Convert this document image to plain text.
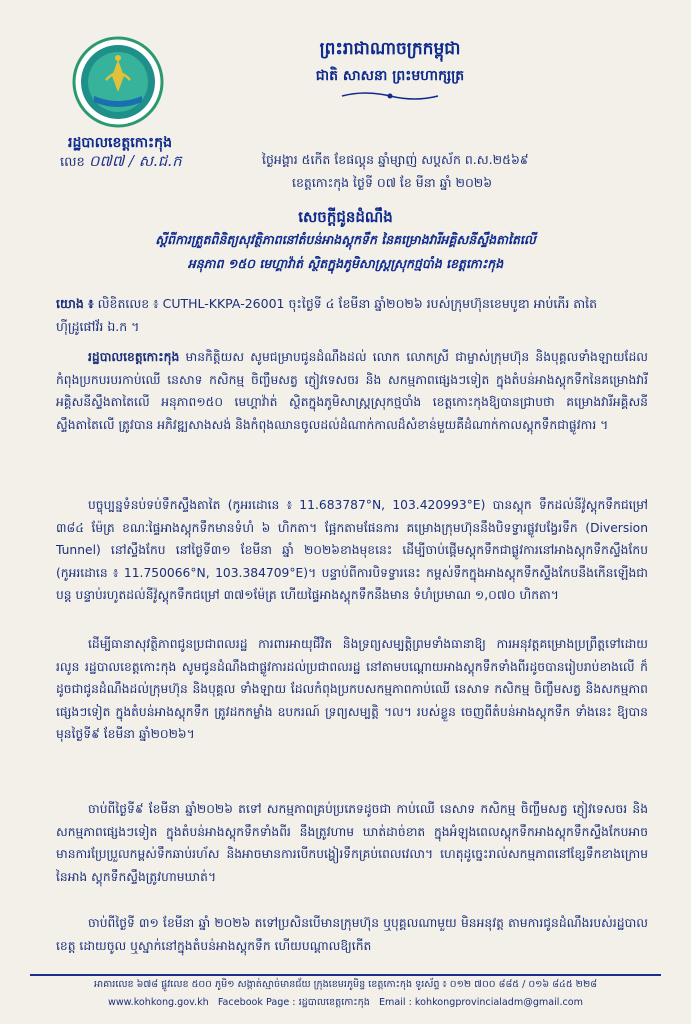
រដ្ឋបាលខេត្តកោះកុង
លេខ ០៧៧ / ស.ជ.ក
ព្រះរាជាណាចក្រកម្ពុជា
ជាតិ សាសនា ព្រះមហាក្សត្រ
ថ្ងៃអង្គារ ៥កើត ខែផល្គុន ឆ្នាំម្សាញ់ សប្តស័ក ព.ស.២៥៦៩
ខេត្តកោះកុង ថ្ងៃទី ០៧ ខែ មីនា ឆ្នាំ ២០២៦
សេចក្តីជូនដំណឹង
ស្តីពីការត្រួតពិនិត្យសុវត្ថិភាពនៅតំបន់អាងស្តុកទឹក នៃគម្រោងវារីអគ្គិសនីស្ទឹងតាតៃលើ
អនុភាព ១៥០ មេហ្គាវ៉ាត់ ស្ថិតក្នុងភូមិសាស្ត្រស្រុកថ្មបាំង ខេត្តកោះកុង
យោង ៖ លិខិតលេខ ៖ CUTHL-KKPA-26001 ចុះថ្ងៃទី ៤ ខែមីនា ឆ្នាំ២០២៦ របស់ក្រុមហ៊ុនខេមបូឌា អាប់ភើរ តាតៃ ហ៊ីដ្រូផៅវ័រ ឯ.ក ។
រដ្ឋបាលខេត្តកោះកុង មានកិត្តិយស សូមជម្រាបជូនដំណឹងដល់ លោក លោកស្រី ជាម្ចាស់ក្រុមហ៊ុន និងបុគ្គលទាំងឡាយដែលកំពុងប្រកបរបរកាប់ឈើ នេសាទ កសិកម្ម ចិញ្ចឹមសត្វ ភ្ញៀវទេសចរ និង សកម្មភាពផ្សេងៗទៀត ក្នុងតំបន់អាងស្តុកទឹកនៃគម្រោងវារីអគ្គិសនីស្ទឹងតាតៃលើ អនុភាព១៥០ មេហ្គាវ៉ាត់ ស្ថិតក្នុងភូមិសាស្ត្រស្រុកថ្មបាំង ខេត្តកោះកុងឱ្យបានជ្រាបថា គម្រោងវារីអគ្គិសនីស្ទឹងតាតៃលើ ត្រូវបាន អភិវឌ្ឍសាងសង់ និងកំពុងឈានចូលដល់ដំណាក់កាលដ៏សំខាន់មួយគឺដំណាក់កាលស្តុកទឹកជាផ្លូវការ ។
បច្ចុប្បន្នទំនប់ទប់ទឹកស្ទឹងតាតៃ (កូអរដោនេ ៖ 11.683787°N, 103.420993°E) បានស្តុក ទឹកដល់នីវ៉ូស្តុកទឹកជម្រៅ ៣៨៤ ម៉ែត្រ ខណៈផ្ទៃអាងស្តុកទឹកមានទំហំ ៦ ហិកតា។ ផ្អែកតាមផែនការ គម្រោងក្រុមហ៊ុននឹងបិទទ្វារផ្លូវបង្វែរទឹក (Diversion Tunnel) នៅស្ទឹងកែប នៅថ្ងៃទី៣១ ខែមីនា ឆ្នាំ ២០២៦ខាងមុខនេះ ដើម្បីចាប់ផ្តើមស្តុកទឹកជាផ្លូវការនៅអាងស្តុកទឹកស្ទឹងកែប (កូអរដោនេ ៖ 11.750066°N, 103.384709°E)។ បន្ទាប់ពីការបិទទ្វារនេះ កម្ពស់ទឹកក្នុងអាងស្តុកទឹកស្ទឹងកែបនឹងកើនឡើងជាបន្ត បន្ទាប់រហូតដល់នីវ៉ូស្តុកទឹកជម្រៅ ៣៧១ម៉ែត្រ ហើយផ្ទៃអាងស្តុកទឹកនឹងមាន ទំហំប្រមាណ ១,០៧០ ហិកតា។
ដើម្បីធានាសុវត្ថិភាពជូនប្រជាពលរដ្ឋ ការពារអាយុជីវិត និងទ្រព្យសម្បត្តិព្រមទាំងធានាឱ្យ ការអនុវត្តគម្រោងប្រព្រឹត្តទៅដោយរលូន រដ្ឋបាលខេត្តកោះកុង សូមជូនដំណឹងជាផ្លូវការដល់ប្រជាពលរដ្ឋ នៅតាមបណ្តោយអាងស្តុកទឹកទាំងពីរដូចបានរៀបរាប់ខាងលើ ក៏ដូចជាជូនដំណឹងដល់ក្រុមហ៊ុន និងបុគ្គល ទាំងឡាយ ដែលកំពុងប្រកបសកម្មភាពកាប់ឈើ នេសាទ កសិកម្ម ចិញ្ចឹមសត្វ និងសកម្មភាពផ្សេងៗទៀត ក្នុងតំបន់អាងស្តុកទឹក ត្រូវដកកម្លាំង ឧបករណ៍ ទ្រព្យសម្បត្តិ ។ល។ របស់ខ្លួន ចេញពីតំបន់អាងស្តុកទឹក ទាំងនេះ ឱ្យបានមុនថ្ងៃទី៩ ខែមីនា ឆ្នាំ២០២៦។
ចាប់ពីថ្ងៃទី៩ ខែមីនា ឆ្នាំ២០២៦ តទៅ សកម្មភាពគ្រប់ប្រភេទដូចជា កាប់ឈើ នេសាទ កសិកម្ម ចិញ្ចឹមសត្វ ភ្ញៀវទេសចរ និងសកម្មភាពផ្សេងៗទៀត ក្នុងតំបន់អាងស្តុកទឹកទាំងពីរ នឹងត្រូវហាម ឃាត់ដាច់ខាត ក្នុងអំឡុងពេលស្តុកទឹកអាងស្តុកទឹកស្ទឹងកែបអាចមានការប្រែប្រួលកម្ពស់ទឹកឆាប់រហ័ស និងអាចមានការបើកបង្ហៀរទឹកគ្រប់ពេលវេលា។ ហេតុដូច្នេះរាល់សកម្មភាពនៅខ្សែទឹកខាងក្រោមនៃអាង ស្តុកទឹកស្ទឹងត្រូវហាមឃាត់។
ចាប់ពីថ្ងៃទី ៣១ ខែមីនា ឆ្នាំ ២០២៦ តទៅប្រសិនបើមានក្រុមហ៊ុន ឬបុគ្គលណាមួយ មិនអនុវត្ត តាមការជូនដំណឹងរបស់រដ្ឋបាលខេត្ត ដោយចូល ឬស្នាក់នៅក្នុងតំបន់អាងស្តុកទឹក ហើយបណ្តាលឱ្យកើត
អាគារលេខ ៦៧៨ ផ្លូវលេខ ៥០០ ភូមិ១ សង្កាត់ស្មាច់មានជ័យ ក្រុងខេមរភូមិន្ទ ខេត្តកោះកុង ទូរស័ព្ទ ៖ ០១២ ៧០០ ៨៨៥ / ០១៦ ៨៤៥ ២២៨
www.kohkong.gov.kh Facebook Page : រដ្ឋបាលខេត្តកោះកុង Email : kohkongprovincialadm@gmail.com
